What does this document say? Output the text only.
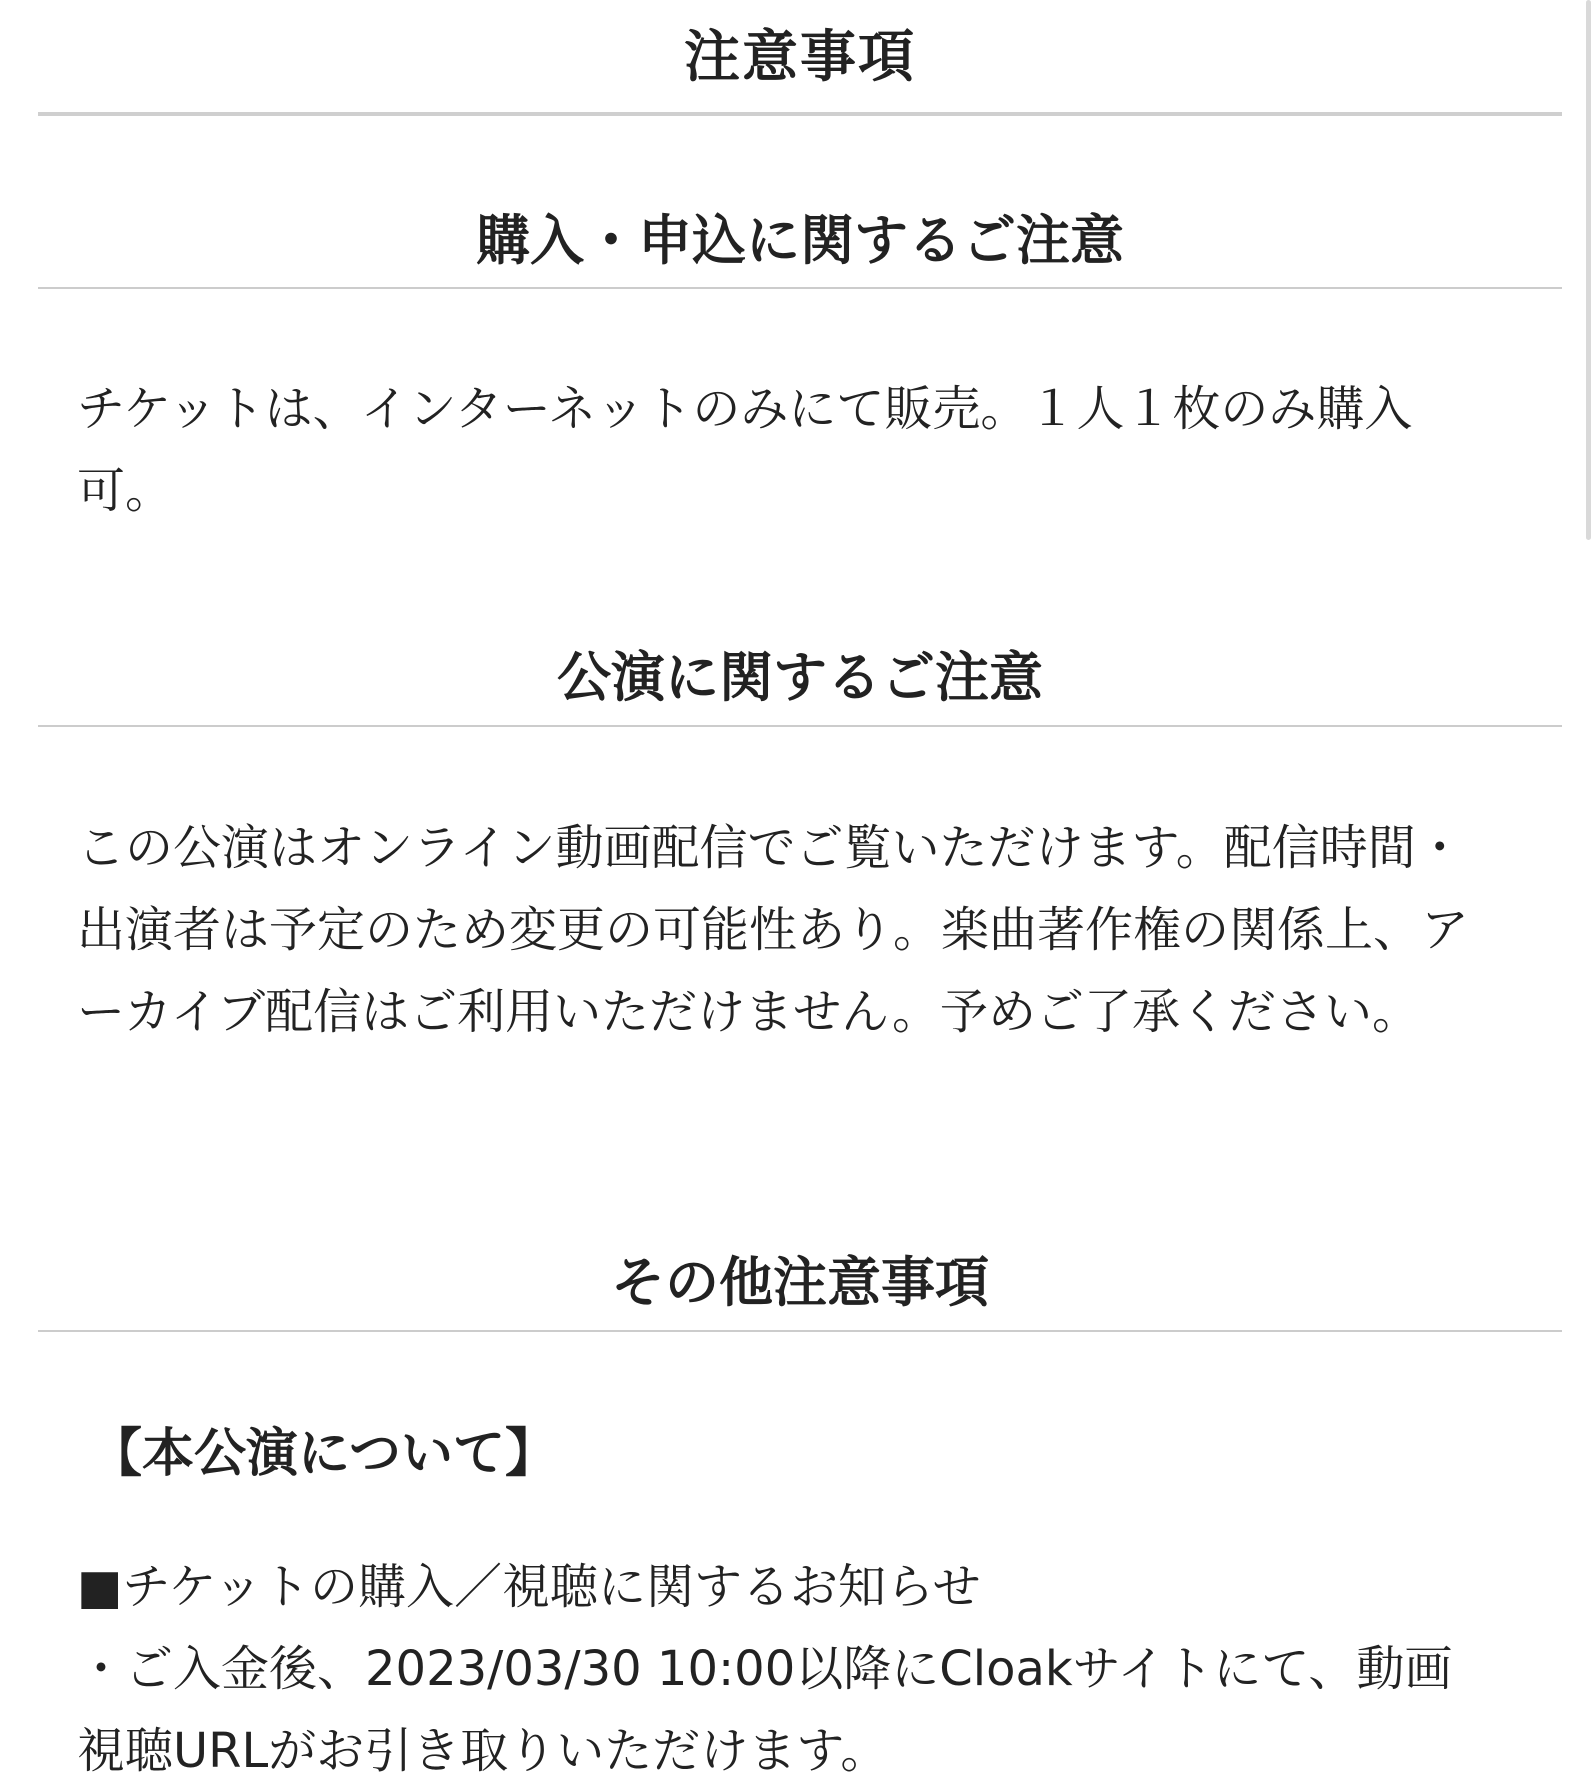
注意事項
購入・申込に関するご注意

チケットは、インターネットのみにて販売。１人１枚のみ購入可。

公演に関するご注意

この公演はオンライン動画配信でご覧いただけます。配信時間・出演者は予定のため変更の可能性あり。楽曲著作権の関係上、アーカイブ配信はご利用いただけません。予めご了承ください。

その他注意事項
【本公演について】
■チケットの購入／視聴に関するお知らせ
・ご入金後、2023/03/30 10:00以降にCloakサイトにて、動画
視聴URLがお引き取りいただけます。
